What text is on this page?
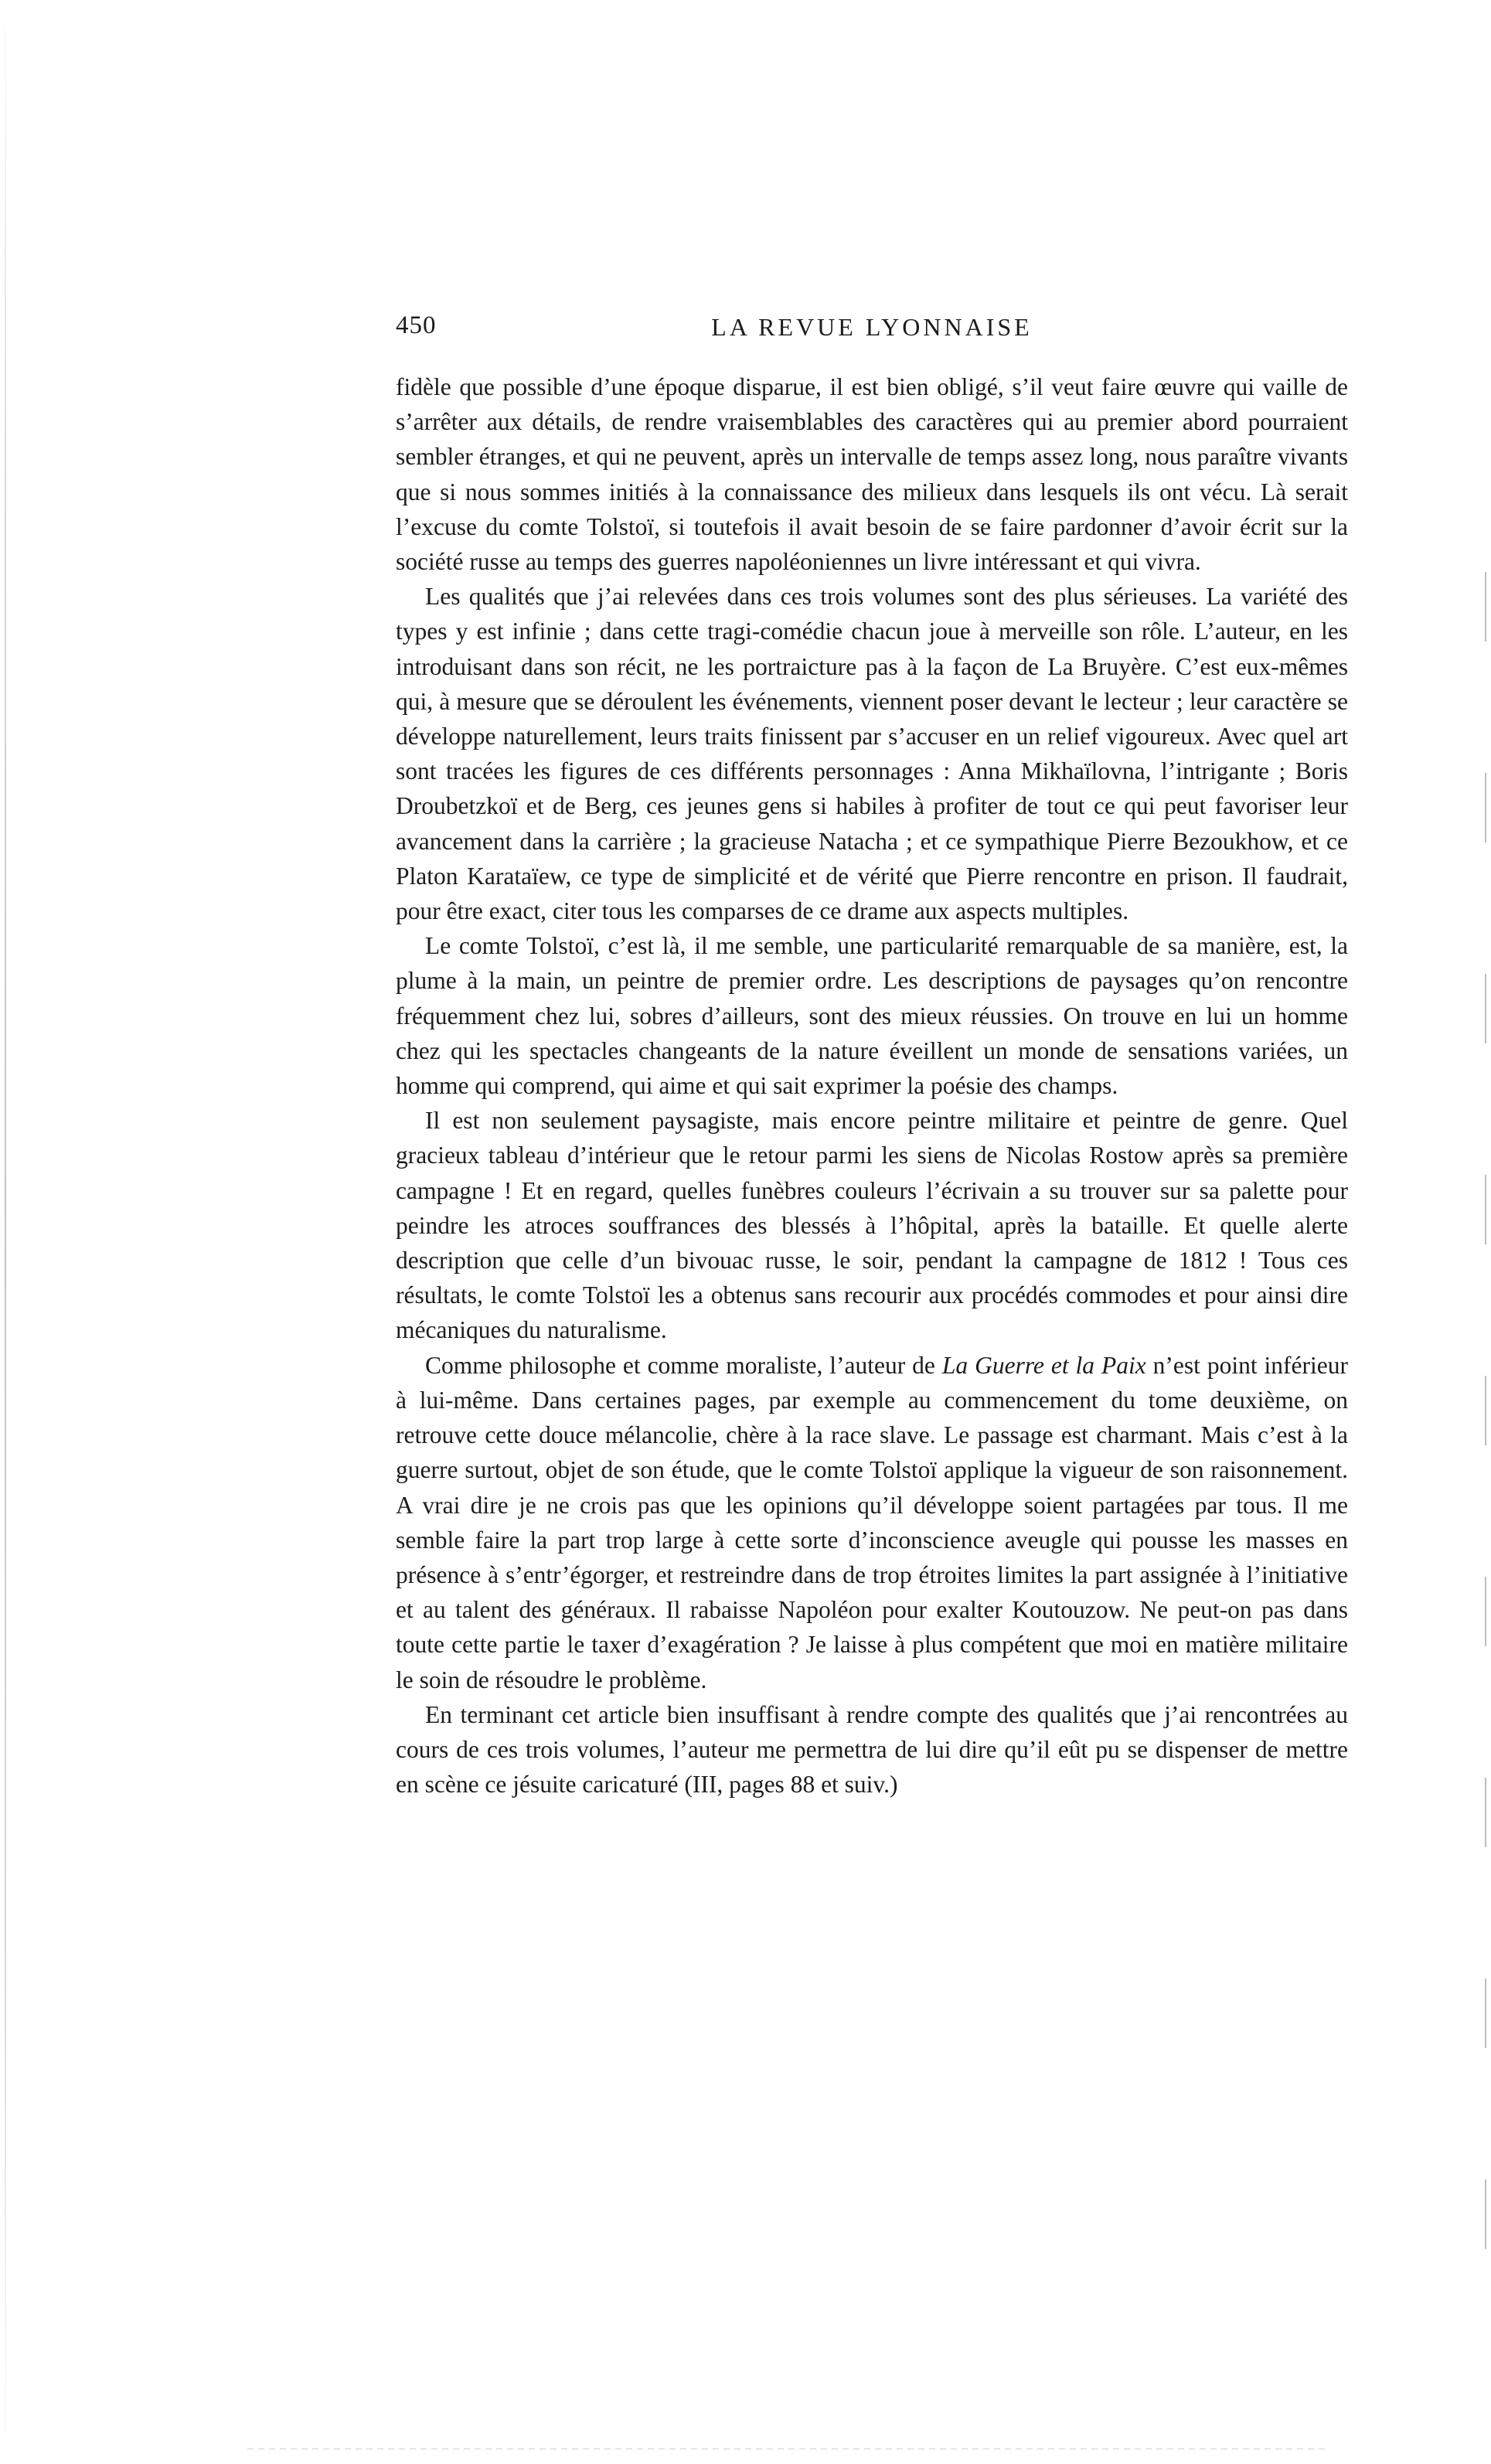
450	LA REVUE LYONNAISE

fidèle que possible d’une époque disparue, il est bien obligé, s’il veut faire œuvre qui vaille de s’arrêter aux détails, de rendre vraisemblables des caractères qui au premier abord pourraient sembler étranges, et qui ne peuvent, après un intervalle de temps assez long, nous paraître vivants que si nous sommes initiés à la connaissance des milieux dans lesquels ils ont vécu. Là serait l’excuse du comte Tolstoï, si toutefois il avait besoin de se faire pardonner d’avoir écrit sur la société russe au temps des guerres napoléoniennes un livre intéressant et qui vivra.

Les qualités que j’ai relevées dans ces trois volumes sont des plus sérieuses. La variété des types y est infinie ; dans cette tragi-comédie chacun joue à merveille son rôle. L’auteur, en les introduisant dans son récit, ne les portraicture pas à la façon de La Bruyère. C’est eux-mêmes qui, à mesure que se déroulent les événements, viennent poser devant le lecteur ; leur caractère se développe naturellement, leurs traits finissent par s’accuser en un relief vigoureux. Avec quel art sont tracées les figures de ces différents personnages : Anna Mikhaïlovna, l’intrigante ; Boris Droubetzkoï et de Berg, ces jeunes gens si habiles à profiter de tout ce qui peut favoriser leur avancement dans la carrière ; la gracieuse Natacha ; et ce sympathique Pierre Bezoukhow, et ce Platon Karataïew, ce type de simplicité et de vérité que Pierre rencontre en prison. Il faudrait, pour être exact, citer tous les comparses de ce drame aux aspects multiples.

Le comte Tolstoï, c’est là, il me semble, une particularité remarquable de sa manière, est, la plume à la main, un peintre de premier ordre. Les descriptions de paysages qu’on rencontre fréquemment chez lui, sobres d’ailleurs, sont des mieux réussies. On trouve en lui un homme chez qui les spectacles changeants de la nature éveillent un monde de sensations variées, un homme qui comprend, qui aime et qui sait exprimer la poésie des champs.

Il est non seulement paysagiste, mais encore peintre militaire et peintre de genre. Quel gracieux tableau d’intérieur que le retour parmi les siens de Nicolas Rostow après sa première campagne ! Et en regard, quelles funèbres couleurs l’écrivain a su trouver sur sa palette pour peindre les atroces souffrances des blessés à l’hôpital, après la bataille. Et quelle alerte description que celle d’un bivouac russe, le soir, pendant la campagne de 1812 ! Tous ces résultats, le comte Tolstoï les a obtenus sans recourir aux procédés commodes et pour ainsi dire mécaniques du naturalisme.

Comme philosophe et comme moraliste, l’auteur de La Guerre et la Paix n’est point inférieur à lui-même. Dans certaines pages, par exemple au commencement du tome deuxième, on retrouve cette douce mélancolie, chère à la race slave. Le passage est charmant. Mais c’est à la guerre surtout, objet de son étude, que le comte Tolstoï applique la vigueur de son raisonnement. A vrai dire je ne crois pas que les opinions qu’il développe soient partagées par tous. Il me semble faire la part trop large à cette sorte d’inconscience aveugle qui pousse les masses en présence à s’entr’égorger, et restreindre dans de trop étroites limites la part assignée à l’initiative et au talent des généraux. Il rabaisse Napoléon pour exalter Koutouzow. Ne peut-on pas dans toute cette partie le taxer d’exagération ? Je laisse à plus compétent que moi en matière militaire le soin de résoudre le problème.

En terminant cet article bien insuffisant à rendre compte des qualités que j’ai rencontrées au cours de ces trois volumes, l’auteur me permettra de lui dire qu’il eût pu se dispenser de mettre en scène ce jésuite caricaturé (III, pages 88 et suiv.)
